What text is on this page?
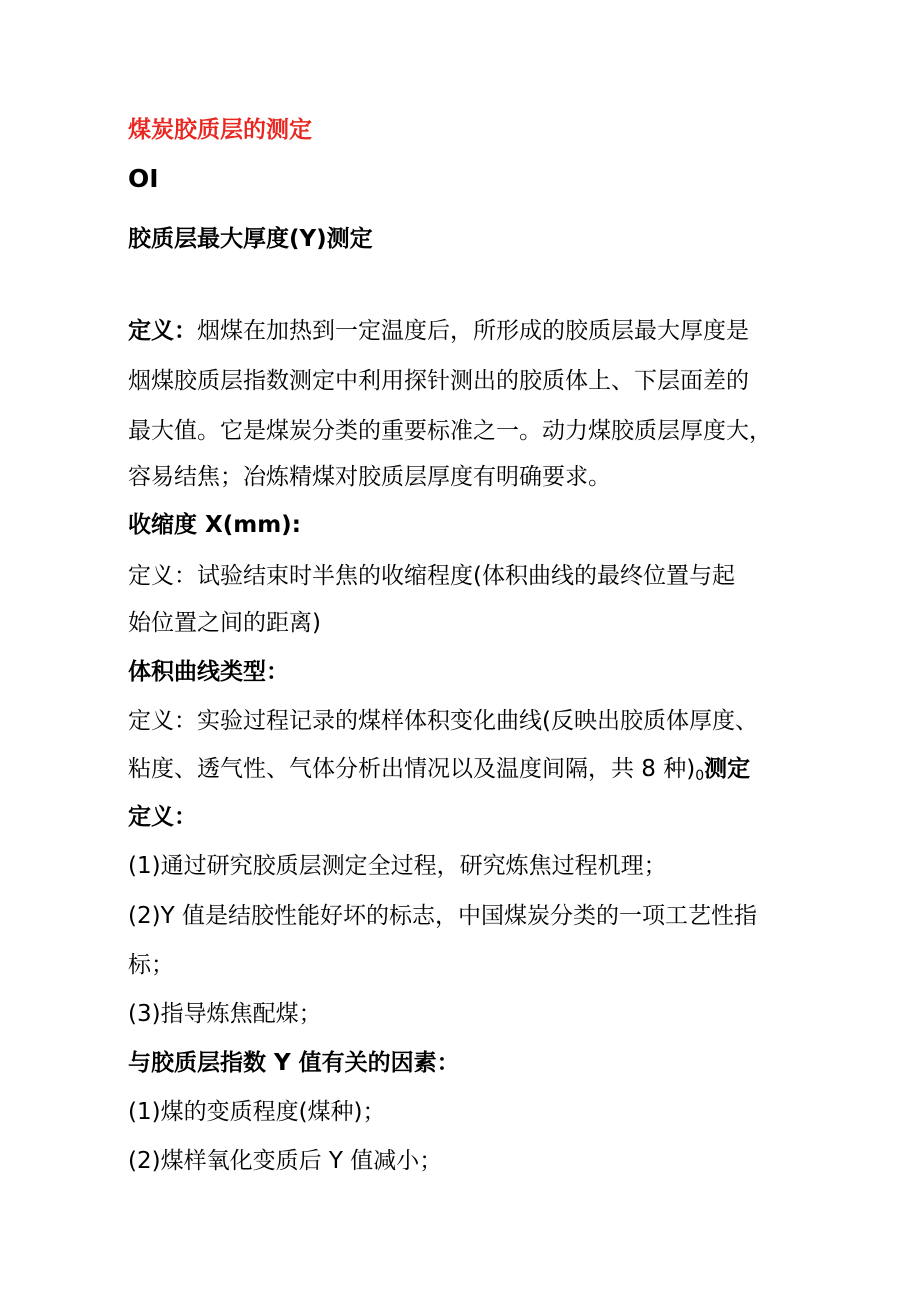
煤炭胶质层的测定
OI
胶质层最大厚度(Y)测定
定义：烟煤在加热到一定温度后，所形成的胶质层最大厚度是
烟煤胶质层指数测定中利用探针测出的胶质体上、下层面差的
最大值。它是煤炭分类的重要标准之一。动力煤胶质层厚度大，
容易结焦；冶炼精煤对胶质层厚度有明确要求。
收缩度 X(mm):
定义：试验结束时半焦的收缩程度(体积曲线的最终位置与起
始位置之间的距离)
体积曲线类型：
定义：实验过程记录的煤样体积变化曲线(反映出胶质体厚度、
粘度、透气性、气体分析出情况以及温度间隔，共 8 种)$_0$测定
定义：
(1)通过研究胶质层测定全过程，研究炼焦过程机理；
(2)Y 值是结胶性能好坏的标志，中国煤炭分类的一项工艺性指
标；
(3)指导炼焦配煤；
与胶质层指数 Y 值有关的因素：
(1)煤的变质程度(煤种)；
(2)煤样氧化变质后 Y 值减小；
